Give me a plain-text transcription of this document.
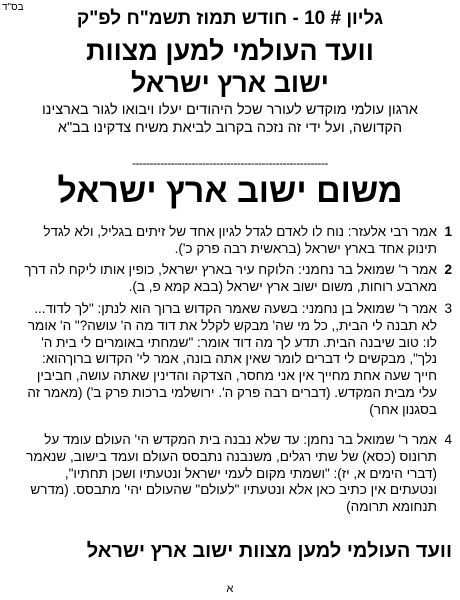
בס"ד
גליון # 10 - חודש תמוז תשמ"ח לפ"ק
וועד העולמי למען מצוות
ישוב ארץ ישראל
ארגון עולמי מוקדש לעורר שכל היהודים יעלו ויבואו לגור בארצינו הקדושה, ועל ידי זה נזכה בקרוב לביאת משיח צדקינו בב"א
--------------------------------------------------------
משום ישוב ארץ ישראל
1
אמר רבי אלעזר: נוח לו לאדם לגדל לגיון אחד של זיתים בגליל, ולא לגדל תינוק אחד בארץ ישראל (בראשית רבה פרק כ').
2
אמר ר' שמואל בר נחמני: הלוקח עיר בארץ ישראל, כופין אותו ליקח לה דרך מארבע רוחות, משום ישוב ארץ ישראל (בבא קמא פ, ב).
3
אמר ר' שמואל בן נחמני: בשעה שאמר הקדוש ברוך הוא לנתן: "לך לדוד... לא תבנה לי הבית,, כל מי שה' מבקש לקלל את דוד מה ה' עושה?" ה' אומר לו: טוב שיבנה הבית. תדע לך מה דוד אומר: "שמחתי באומרים לי בית ה' נלך", מבקשים לי דברים לומר שאין אתה בונה, אמר לי' הקדוש ברוךהוא: חייך שעה אחת מחייך אין אני מחסר, הצדקה והדינין שאתה עושה, חביבין עלי מבית המקדש. (דברים רבה פרק ה'. ירושלמי ברכות פרק ב') (מאמר זה בסגנון אחר)
4
אמר ר' שמואל בר נחמן: עד שלא נבנה בית המקדש הי' העולם עומד על תרונוס (כסא) של שתי רגלים, משנבנה נתבסס העולם ועמד בישוב, שנאמר (דברי הימים א, יז): "ושמתי מקום לעמי ישראל ונטעתיו ושכן תחתיו", ונטעתים אין כתיב כאן אלא ונטעתיו "לעולם" שהעולם יהי' מתבסס. (מדרש תנחומא תרומה)
וועד העולמי למען מצוות ישוב ארץ ישראל
א
